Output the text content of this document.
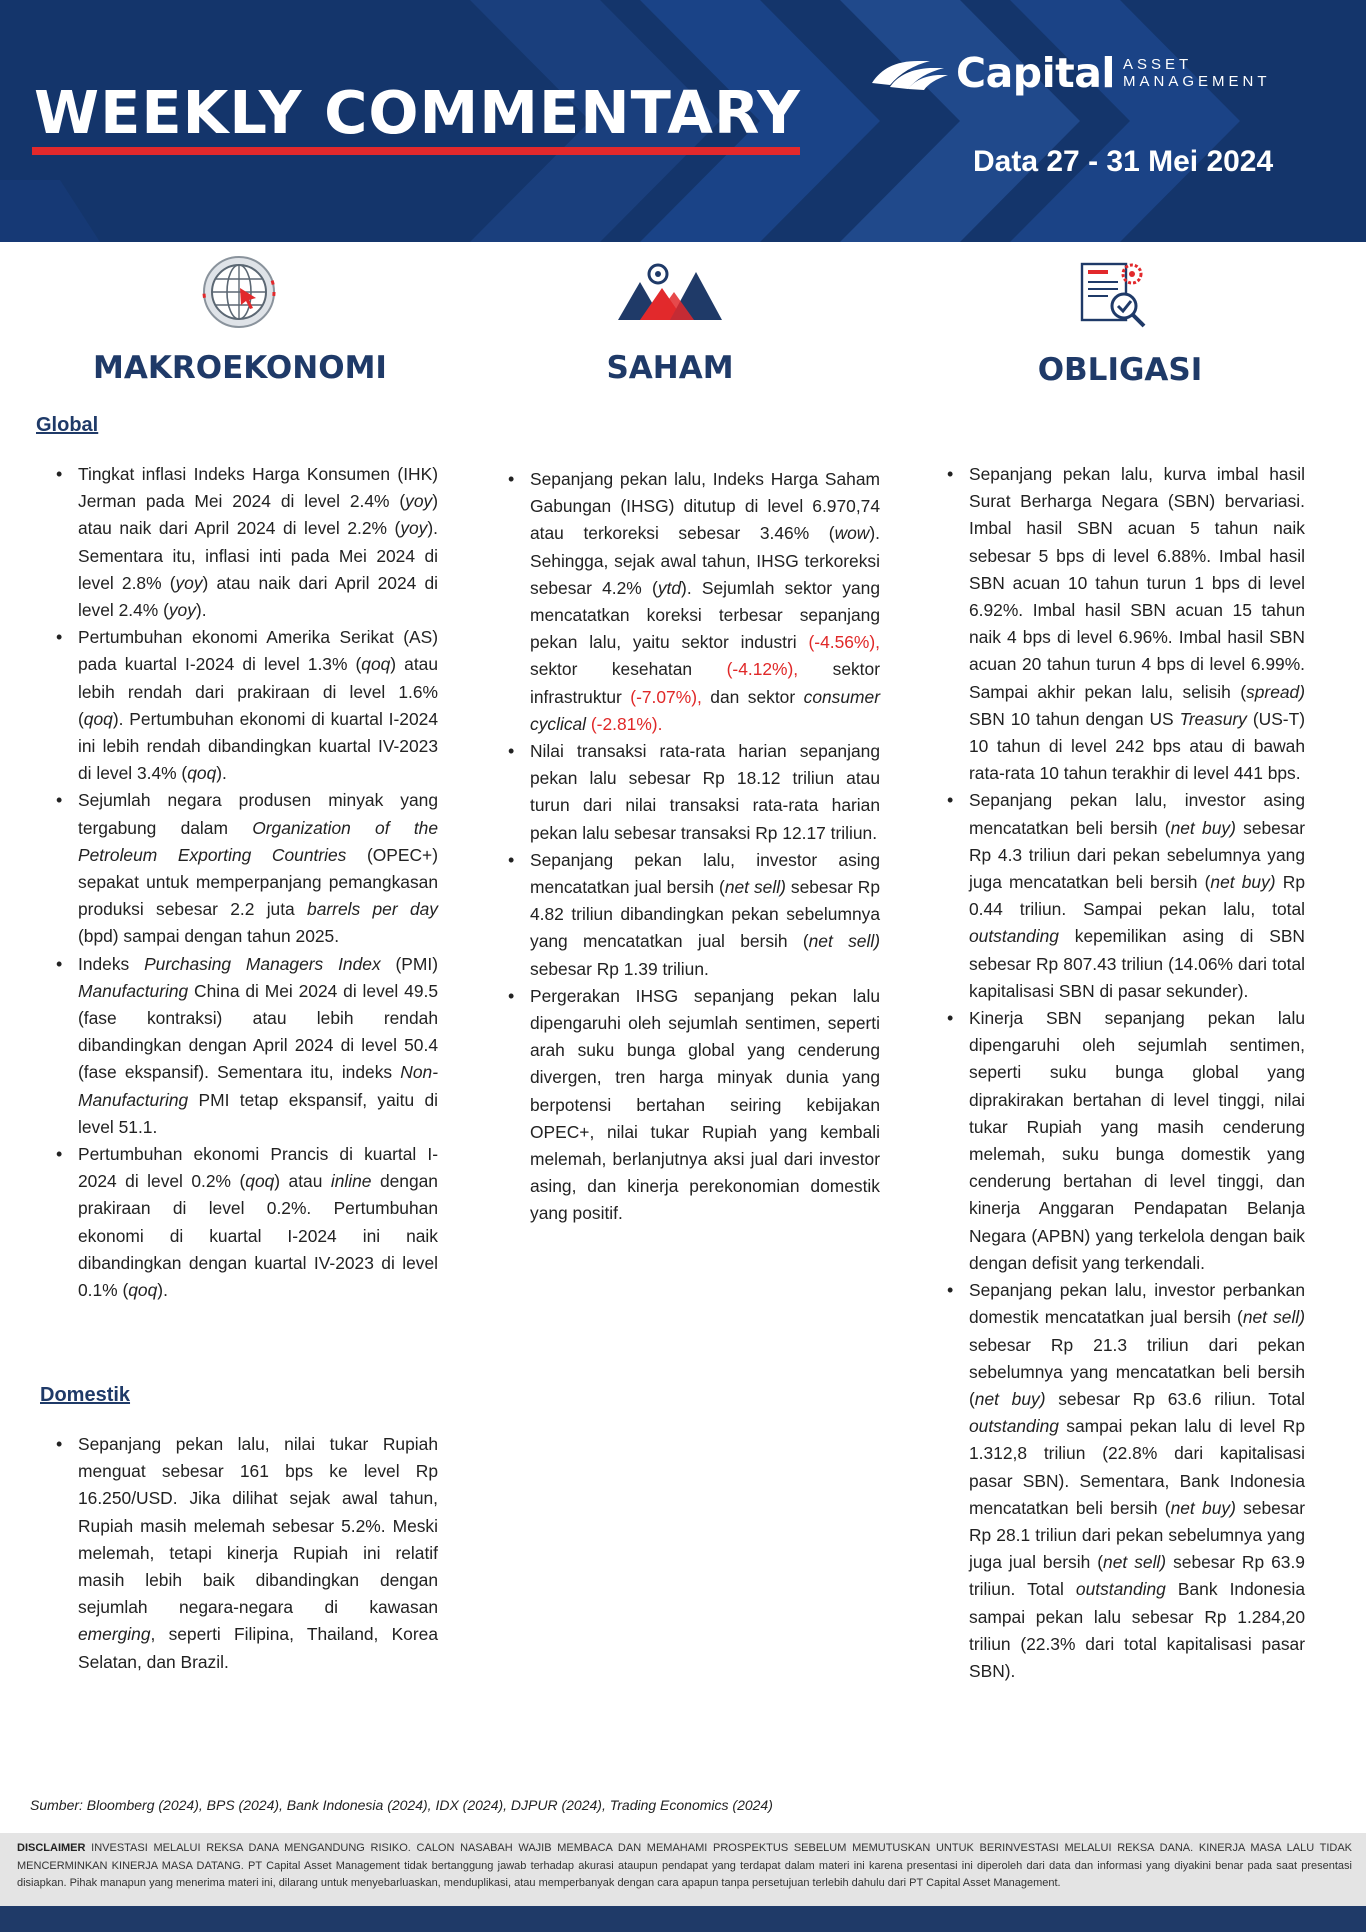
WEEKLY COMMENTARY
Capital ASSET
MANAGEMENT
Data 27 - 31 Mei 2024
MAKROEKONOMI	SAHAM	OBLIGASI
Global
• Tingkat inflasi Indeks Harga Konsumen (IHK) Jerman pada Mei 2024 di level 2.4% (yoy) atau naik dari April 2024 di level 2.2% (yoy). Sementara itu, inflasi inti pada Mei 2024 di level 2.8% (yoy) atau naik dari April 2024 di level 2.4% (yoy).
• Pertumbuhan ekonomi Amerika Serikat (AS) pada kuartal I-2024 di level 1.3% (qoq) atau lebih rendah dari prakiraan di level 1.6% (qoq). Pertumbuhan ekonomi di kuartal I-2024 ini lebih rendah dibandingkan kuartal IV-2023 di level 3.4% (qoq).
• Sejumlah negara produsen minyak yang tergabung dalam Organization of the Petroleum Exporting Countries (OPEC+) sepakat untuk memperpanjang pemangkasan produksi sebesar 2.2 juta barrels per day (bpd) sampai dengan tahun 2025.
• Indeks Purchasing Managers Index (PMI) Manufacturing China di Mei 2024 di level 49.5 (fase kontraksi) atau lebih rendah dibandingkan dengan April 2024 di level 50.4 (fase ekspansif). Sementara itu, indeks Non-Manufacturing PMI tetap ekspansif, yaitu di level 51.1.
• Pertumbuhan ekonomi Prancis di kuartal I-2024 di level 0.2% (qoq) atau inline dengan prakiraan di level 0.2%. Pertumbuhan ekonomi di kuartal I-2024 ini naik dibandingkan dengan kuartal IV-2023 di level 0.1% (qoq).
Domestik
• Sepanjang pekan lalu, nilai tukar Rupiah menguat sebesar 161 bps ke level Rp 16.250/USD. Jika dilihat sejak awal tahun, Rupiah masih melemah sebesar 5.2%. Meski melemah, tetapi kinerja Rupiah ini relatif masih lebih baik dibandingkan dengan sejumlah negara-negara di kawasan emerging, seperti Filipina, Thailand, Korea Selatan, dan Brazil.
• Sepanjang pekan lalu, Indeks Harga Saham Gabungan (IHSG) ditutup di level 6.970,74 atau terkoreksi sebesar 3.46% (wow). Sehingga, sejak awal tahun, IHSG terkoreksi sebesar 4.2% (ytd). Sejumlah sektor yang mencatatkan koreksi terbesar sepanjang pekan lalu, yaitu sektor industri (-4.56%), sektor kesehatan (-4.12%), sektor infrastruktur (-7.07%), dan sektor consumer cyclical (-2.81%).
• Nilai transaksi rata-rata harian sepanjang pekan lalu sebesar Rp 18.12 triliun atau turun dari nilai transaksi rata-rata harian pekan lalu sebesar transaksi Rp 12.17 triliun.
• Sepanjang pekan lalu, investor asing mencatatkan jual bersih (net sell) sebesar Rp 4.82 triliun dibandingkan pekan sebelumnya yang mencatatkan jual bersih (net sell) sebesar Rp 1.39 triliun.
• Pergerakan IHSG sepanjang pekan lalu dipengaruhi oleh sejumlah sentimen, seperti arah suku bunga global yang cenderung divergen, tren harga minyak dunia yang berpotensi bertahan seiring kebijakan OPEC+, nilai tukar Rupiah yang kembali melemah, berlanjutnya aksi jual dari investor asing, dan kinerja perekonomian domestik yang positif.
• Sepanjang pekan lalu, kurva imbal hasil Surat Berharga Negara (SBN) bervariasi. Imbal hasil SBN acuan 5 tahun naik sebesar 5 bps di level 6.88%. Imbal hasil SBN acuan 10 tahun turun 1 bps di level 6.92%. Imbal hasil SBN acuan 15 tahun naik 4 bps di level 6.96%. Imbal hasil SBN acuan 20 tahun turun 4 bps di level 6.99%. Sampai akhir pekan lalu, selisih (spread) SBN 10 tahun dengan US Treasury (US-T) 10 tahun di level 242 bps atau di bawah rata-rata 10 tahun terakhir di level 441 bps.
• Sepanjang pekan lalu, investor asing mencatatkan beli bersih (net buy) sebesar Rp 4.3 triliun dari pekan sebelumnya yang juga mencatatkan beli bersih (net buy) Rp 0.44 triliun. Sampai pekan lalu, total outstanding kepemilikan asing di SBN sebesar Rp 807.43 triliun (14.06% dari total kapitalisasi SBN di pasar sekunder).
• Kinerja SBN sepanjang pekan lalu dipengaruhi oleh sejumlah sentimen, seperti suku bunga global yang diprakirakan bertahan di level tinggi, nilai tukar Rupiah yang masih cenderung melemah, suku bunga domestik yang cenderung bertahan di level tinggi, dan kinerja Anggaran Pendapatan Belanja Negara (APBN) yang terkelola dengan baik dengan defisit yang terkendali.
• Sepanjang pekan lalu, investor perbankan domestik mencatatkan jual bersih (net sell) sebesar Rp 21.3 triliun dari pekan sebelumnya yang mencatatkan beli bersih (net buy) sebesar Rp 63.6 riliun. Total outstanding sampai pekan lalu di level Rp 1.312,8 triliun (22.8% dari kapitalisasi pasar SBN). Sementara, Bank Indonesia mencatatkan beli bersih (net buy) sebesar Rp 28.1 triliun dari pekan sebelumnya yang juga jual bersih (net sell) sebesar Rp 63.9 triliun. Total outstanding Bank Indonesia sampai pekan lalu sebesar Rp 1.284,20 triliun (22.3% dari total kapitalisasi pasar SBN).
Sumber: Bloomberg (2024), BPS (2024), Bank Indonesia (2024), IDX (2024), DJPUR (2024), Trading Economics (2024)
DISCLAIMER INVESTASI MELALUI REKSA DANA MENGANDUNG RISIKO. CALON NASABAH WAJIB MEMBACA DAN MEMAHAMI PROSPEKTUS SEBELUM MEMUTUSKAN UNTUK BERINVESTASI MELALUI REKSA DANA. KINERJA MASA LALU TIDAK MENCERMINKAN KINERJA MASA DATANG. PT Capital Asset Management tidak bertanggung jawab terhadap akurasi ataupun pendapat yang terdapat dalam materi ini karena presentasi ini diperoleh dari data dan informasi yang diyakini benar pada saat presentasi disiapkan. Pihak manapun yang menerima materi ini, dilarang untuk menyebarluaskan, menduplikasi, atau memperbanyak dengan cara apapun tanpa persetujuan terlebih dahulu dari PT Capital Asset Management.
